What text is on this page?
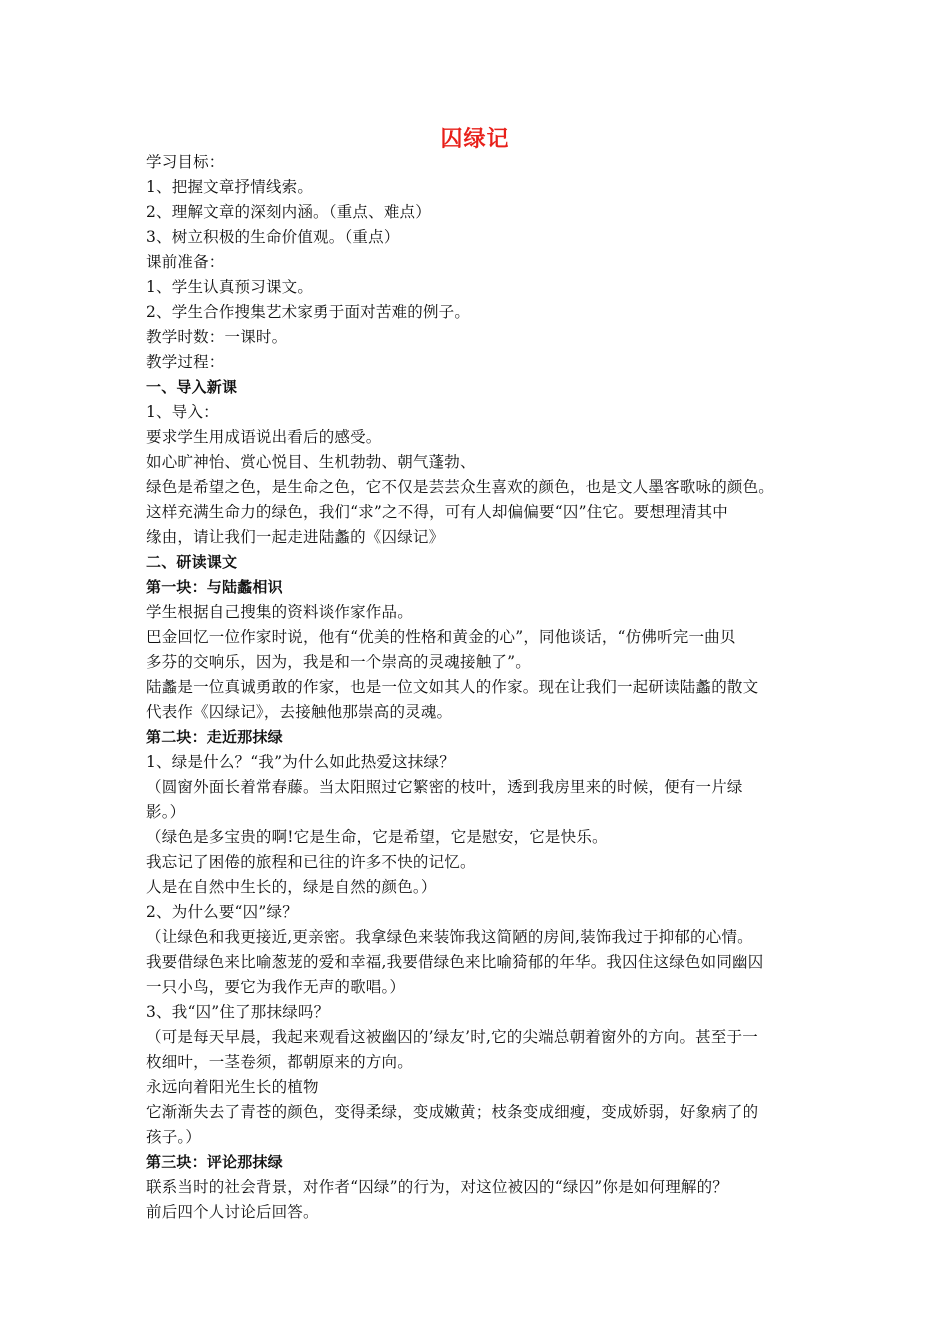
囚绿记
学习目标：
1、把握文章抒情线索。
2、理解文章的深刻内涵。（重点、难点）
3、树立积极的生命价值观。（重点）
课前准备：
1、学生认真预习课文。
2、学生合作搜集艺术家勇于面对苦难的例子。
教学时数：一课时。
教学过程：
一、导入新课
1、导入：
要求学生用成语说出看后的感受。
如心旷神怡、赏心悦目、生机勃勃、朝气蓬勃、
绿色是希望之色，是生命之色，它不仅是芸芸众生喜欢的颜色，也是文人墨客歌咏的颜色。
这样充满生命力的绿色，我们“求”之不得，可有人却偏偏要“囚”住它。要想理清其中
缘由，请让我们一起走进陆蠡的《囚绿记》
二、研读课文
第一块：与陆蠡相识
学生根据自己搜集的资料谈作家作品。
巴金回忆一位作家时说，他有“优美的性格和黄金的心”，同他谈话，“仿佛听完一曲贝
多芬的交响乐，因为，我是和一个崇高的灵魂接触了”。
陆蠡是一位真诚勇敢的作家，也是一位文如其人的作家。现在让我们一起研读陆蠡的散文
代表作《囚绿记》，去接触他那崇高的灵魂。
第二块：走近那抹绿
1、绿是什么？“我”为什么如此热爱这抹绿？
（圆窗外面长着常春藤。当太阳照过它繁密的枝叶，透到我房里来的时候，便有一片绿
影。）
（绿色是多宝贵的啊!它是生命，它是希望，它是慰安，它是快乐。
我忘记了困倦的旅程和已往的许多不快的记忆。
人是在自然中生长的，绿是自然的颜色。）
2、为什么要“囚”绿？
（让绿色和我更接近,更亲密。我拿绿色来装饰我这简陋的房间,装饰我过于抑郁的心情。
我要借绿色来比喻葱茏的爱和幸福,我要借绿色来比喻猗郁的年华。我囚住这绿色如同幽囚
一只小鸟，要它为我作无声的歌唱。）
3、我“囚”住了那抹绿吗？
（可是每天早晨，我起来观看这被幽囚的’绿友’时,它的尖端总朝着窗外的方向。甚至于一
枚细叶，一茎卷须，都朝原来的方向。
永远向着阳光生长的植物
它渐渐失去了青苍的颜色，变得柔绿，变成嫩黄；枝条变成细瘦，变成娇弱，好象病了的
孩子。）
第三块：评论那抹绿
联系当时的社会背景，对作者“囚绿”的行为，对这位被囚的“绿囚”你是如何理解的？
前后四个人讨论后回答。
